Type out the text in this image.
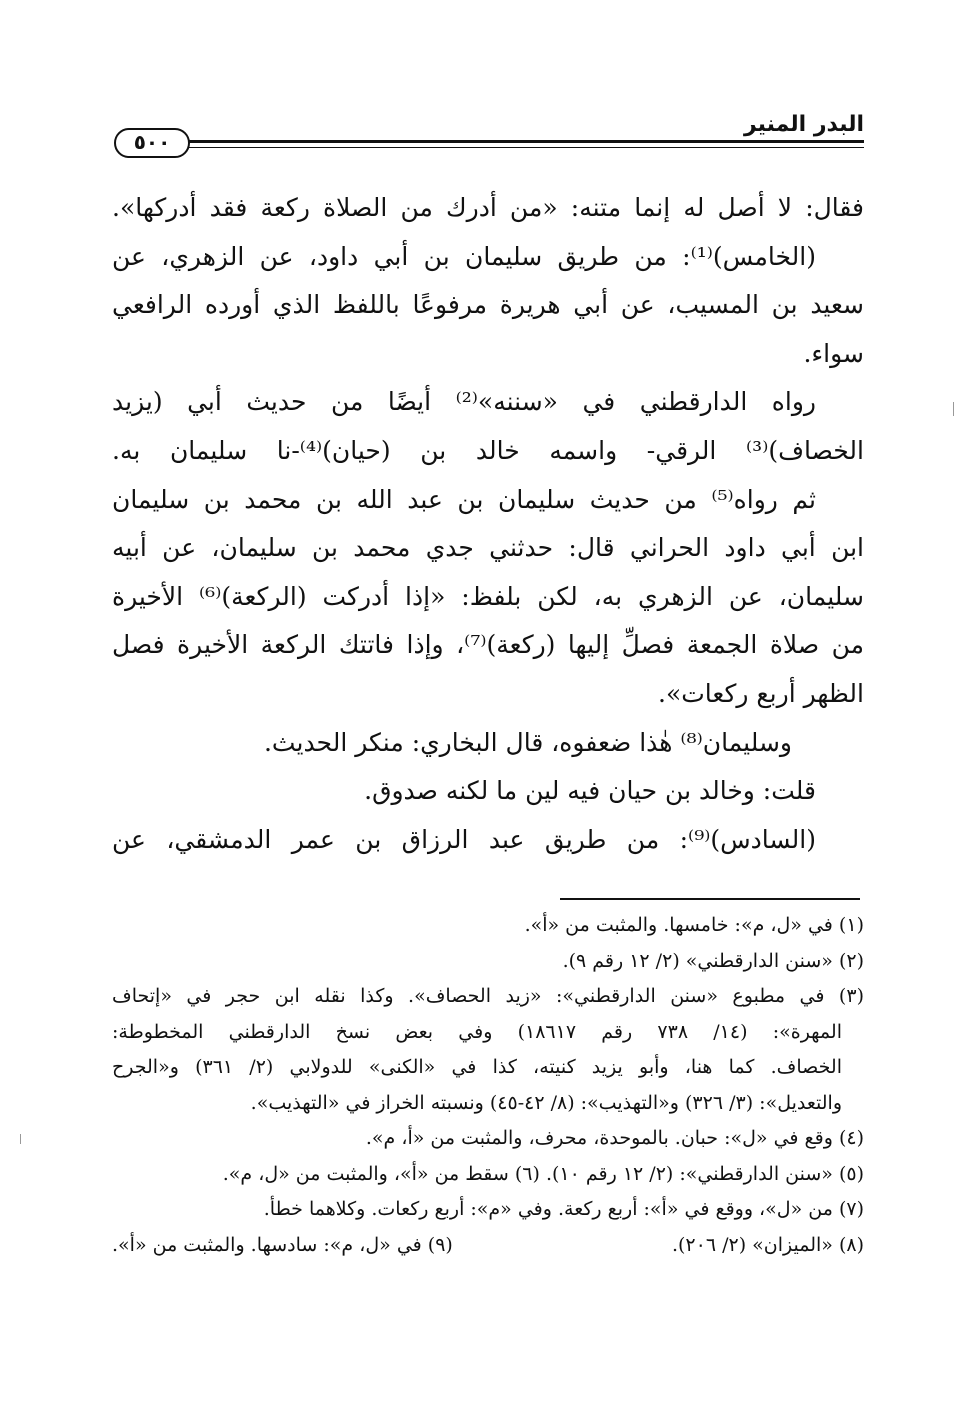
البدر المنير
٥٠٠
فقال: لا أصل له إنما متنه: «من أدرك من الصلاة ركعة فقد أدركها».
(الخامس)⁽¹⁾: من طريق سليمان بن أبي داود، عن الزهري، عن
سعيد بن المسيب، عن أبي هريرة مرفوعًا باللفظ الذي أورده الرافعي
سواء.
رواه الدارقطني في «سننه»⁽²⁾ أيضًا من حديث أبي (يزيد
الخصاف)⁽³⁾ الرقي- واسمه خالد بن (حيان)⁽⁴⁾-نا سليمان به.
ثم رواه⁽⁵⁾ من حديث سليمان بن عبد الله بن محمد بن سليمان
ابن أبي داود الحراني قال: حدثني جدي محمد بن سليمان، عن أبيه
سليمان، عن الزهري به، لكن بلفظ: «إذا أدركت (الركعة)⁽⁶⁾ الأخيرة
من صلاة الجمعة فصلِّ إليها (ركعة)⁽⁷⁾، وإذا فاتتك الركعة الأخيرة فصل
الظهر أربع ركعات».
وسليمان⁽⁸⁾ هٰذا ضعفوه، قال البخاري: منكر الحديث.
قلت: وخالد بن حيان فيه لين ما لكنه صدوق.
(السادس)⁽⁹⁾: من طريق عبد الرزاق بن عمر الدمشقي، عن
(١) في «ل، م»: خامسها. والمثبت من «أ».
(٢) «سنن الدارقطني» (٢/ ١٢ رقم ٩).
(٣) في مطبوع «سنن الدارقطني»: «زيد الحصاف». وكذا نقله ابن حجر في «إتحاف
المهرة»: (١٤/ ٧٣٨ رقم ١٨٦١٧) وفي بعض نسخ الدارقطني المخطوطة:
الخصاف. كما هنا، وأبو يزيد كنيته، كذا في «الكنى» للدولابي (٢/ ٣٦١) و«الجرح
والتعديل»: (٣/ ٣٢٦) و«التهذيب»: (٨/ ٤٢-٤٥) ونسبته الخراز في «التهذيب».
(٤) وقع في «ل»: حبان. بالموحدة، محرف، والمثبت من «أ، م».
(٥) «سنن الدارقطني»: (٢/ ١٢ رقم ١٠). (٦) سقط من «أ»، والمثبت من «ل، م».
(٧) من «ل»، ووقع في «أ»: أربع ركعة. وفي «م»: أربع ركعات. وكلاهما خطأ.
(٨) «الميزان» (٢/ ٢٠٦).
(٩) في «ل، م»: سادسها. والمثبت من «أ».
